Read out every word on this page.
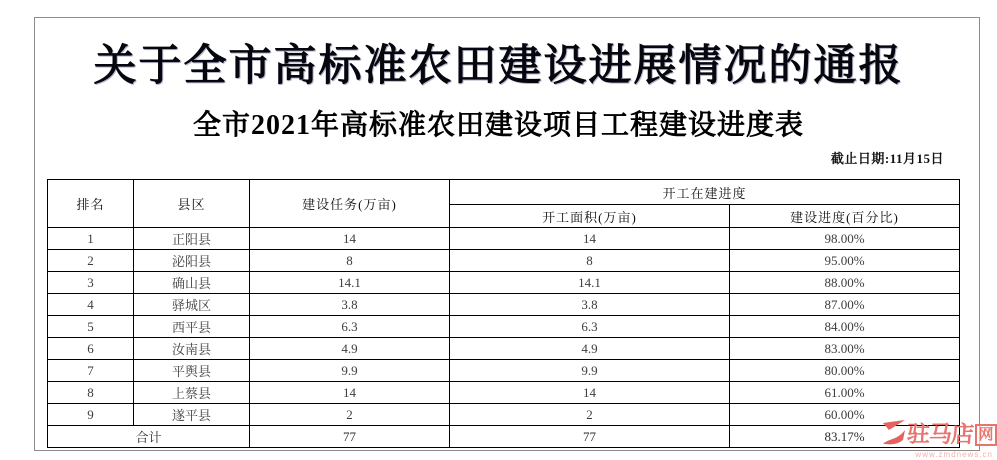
关于全市高标准农田建设进展情况的通报
全市2021年高标准农田建设项目工程建设进度表
截止日期:11月15日
排名	县区	建设任务(万亩)	开工在建进度	
			开工面积(万亩)	建设进度(百分比)
1	正阳县	14	14	98.00%
2	泌阳县	8	8	95.00%
3	确山县	14.1	14.1	88.00%
4	驿城区	3.8	3.8	87.00%
5	西平县	6.3	6.3	84.00%
6	汝南县	4.9	4.9	83.00%
7	平舆县	9.9	9.9	80.00%
8	上蔡县	14	14	61.00%
9	遂平县	2	2	60.00%
合计		77	77	83.17% 驻马店 网
www.zmdnews.cn
